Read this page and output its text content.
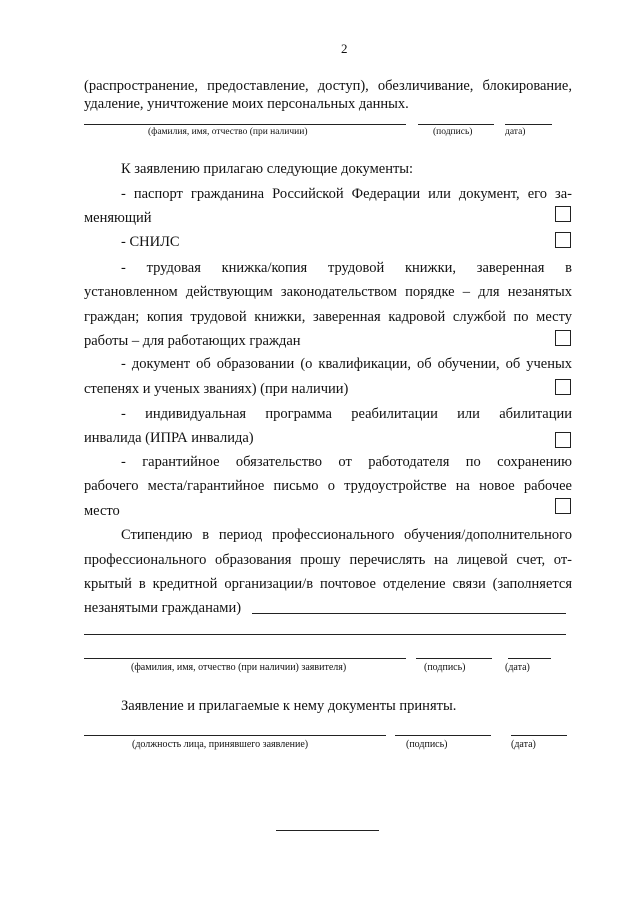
2
(распространение, предоставление, доступ), обезличивание, блокирование,
удаление, уничтожение моих персональных данных.
(фамилия, имя, отчество (при наличии)	(подпись)	дата)
К заявлению прилагаю следующие документы:
- паспорт гражданина Российской Федерации или документ, его за-
меняющий
- СНИЛС
- трудовая книжка/копия трудовой книжки, заверенная в
установленном действующим законодательством порядке – для незанятых
граждан; копия трудовой книжки, заверенная кадровой службой по месту
работы – для работающих граждан
- документ об образовании (о квалификации, об обучении, об ученых
степенях и ученых званиях) (при наличии)
- индивидуальная программа реабилитации или абилитации
инвалида (ИПРА инвалида)
- гарантийное обязательство от работодателя по сохранению
рабочего места/гарантийное письмо о трудоустройстве на новое рабочее
место
Стипендию в период профессионального обучения/дополнительного
профессионального образования прошу перечислять на лицевой счет, от-
крытый в кредитной организации/в почтовое отделение связи (заполняется
незанятыми гражданами)
(фамилия, имя, отчество (при наличии) заявителя)	(подпись)	(дата)
Заявление и прилагаемые к нему документы приняты.
(должность лица, принявшего заявление)	(подпись)	(дата)
